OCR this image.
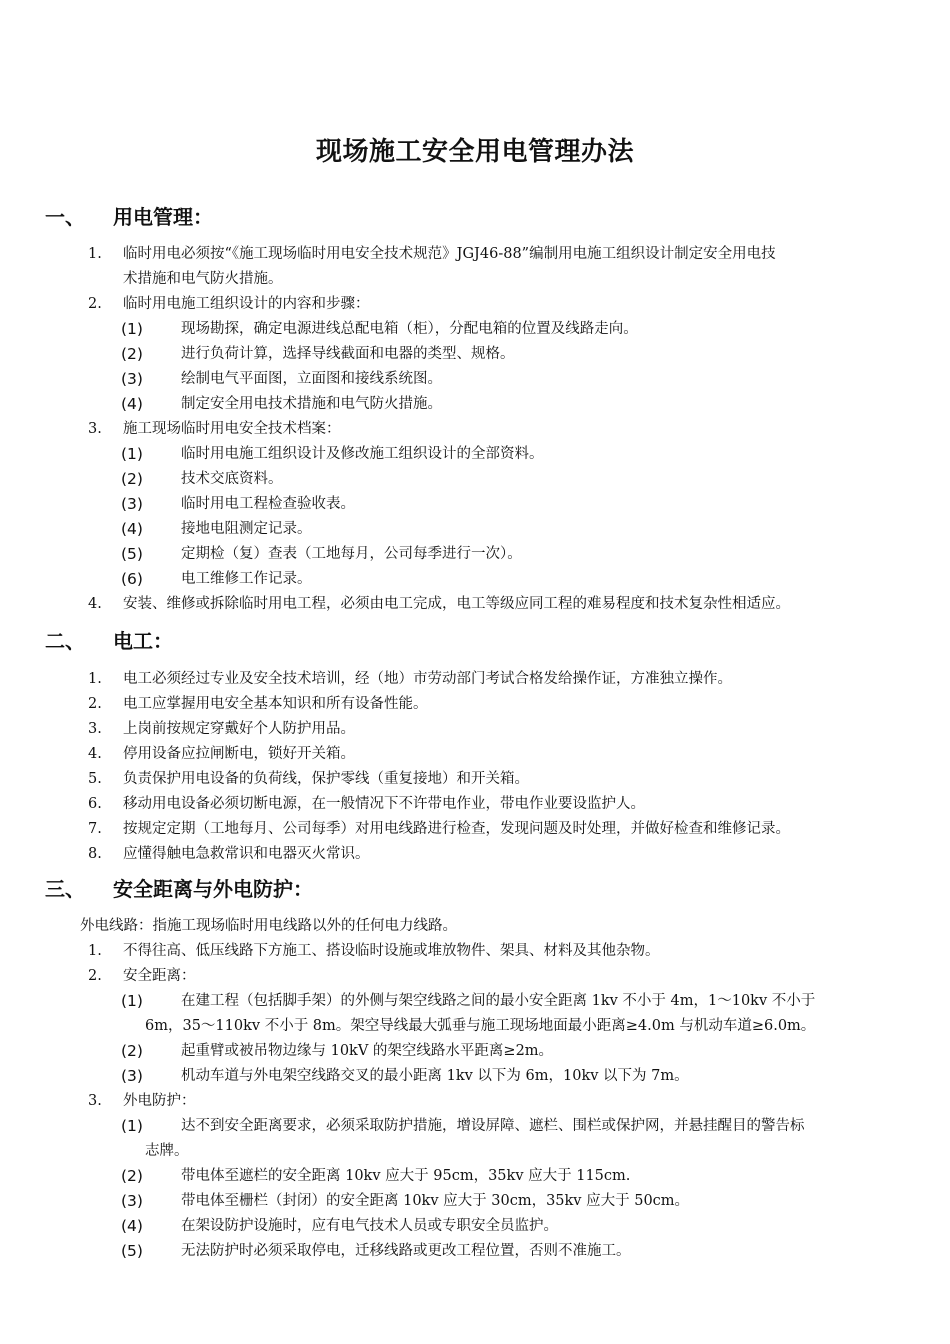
现场施工安全用电管理办法
一、 用电管理：
1.	临时用电必须按“《施工现场临时用电安全技术规范》JGJ46-88”编制用电施工组织设计制定安全用电技
术措施和电气防火措施。
2.	临时用电施工组织设计的内容和步骤：
(1)	现场勘探，确定电源进线总配电箱（柜），分配电箱的位置及线路走向。
(2)	进行负荷计算，选择导线截面和电器的类型、规格。
(3)	绘制电气平面图，立面图和接线系统图。
(4)	制定安全用电技术措施和电气防火措施。
3.	施工现场临时用电安全技术档案：
(1)	临时用电施工组织设计及修改施工组织设计的全部资料。
(2)	技术交底资料。
(3)	临时用电工程检查验收表。
(4)	接地电阻测定记录。
(5)	定期检（复）查表（工地每月，公司每季进行一次）。
(6)	电工维修工作记录。
4.	安装、维修或拆除临时用电工程，必须由电工完成，电工等级应同工程的难易程度和技术复杂性相适应。
二、 电工：
1.	电工必须经过专业及安全技术培训，经（地）市劳动部门考试合格发给操作证，方准独立操作。
2.	电工应掌握用电安全基本知识和所有设备性能。
3.	上岗前按规定穿戴好个人防护用品。
4.	停用设备应拉闸断电，锁好开关箱。
5.	负责保护用电设备的负荷线，保护零线（重复接地）和开关箱。
6.	移动用电设备必须切断电源，在一般情况下不许带电作业，带电作业要设监护人。
7.	按规定定期（工地每月、公司每季）对用电线路进行检查，发现问题及时处理，并做好检查和维修记录。
8.	应懂得触电急救常识和电器灭火常识。
三、 安全距离与外电防护：
外电线路：指施工现场临时用电线路以外的任何电力线路。
1.	不得往高、低压线路下方施工、搭设临时设施或堆放物件、架具、材料及其他杂物。
2.	安全距离：
(1)	在建工程（包括脚手架）的外侧与架空线路之间的最小安全距离 1kv 不小于 4m，1～10kv 不小于
6m，35～110kv 不小于 8m。架空导线最大弧垂与施工现场地面最小距离≥4.0m 与机动车道≥6.0m。
(2)	起重臂或被吊物边缘与 10kV 的架空线路水平距离≥2m。
(3)	机动车道与外电架空线路交叉的最小距离 1kv 以下为 6m，10kv 以下为 7m。
3.	外电防护：
(1)	达不到安全距离要求，必须采取防护措施，增设屏障、遮栏、围栏或保护网，并悬挂醒目的警告标
志牌。
(2)	带电体至遮栏的安全距离 10kv 应大于 95cm，35kv 应大于 115cm.
(3)	带电体至栅栏（封闭）的安全距离 10kv 应大于 30cm，35kv 应大于 50cm。
(4)	在架设防护设施时，应有电气技术人员或专职安全员监护。
(5)	无法防护时必须采取停电，迁移线路或更改工程位置，否则不准施工。
